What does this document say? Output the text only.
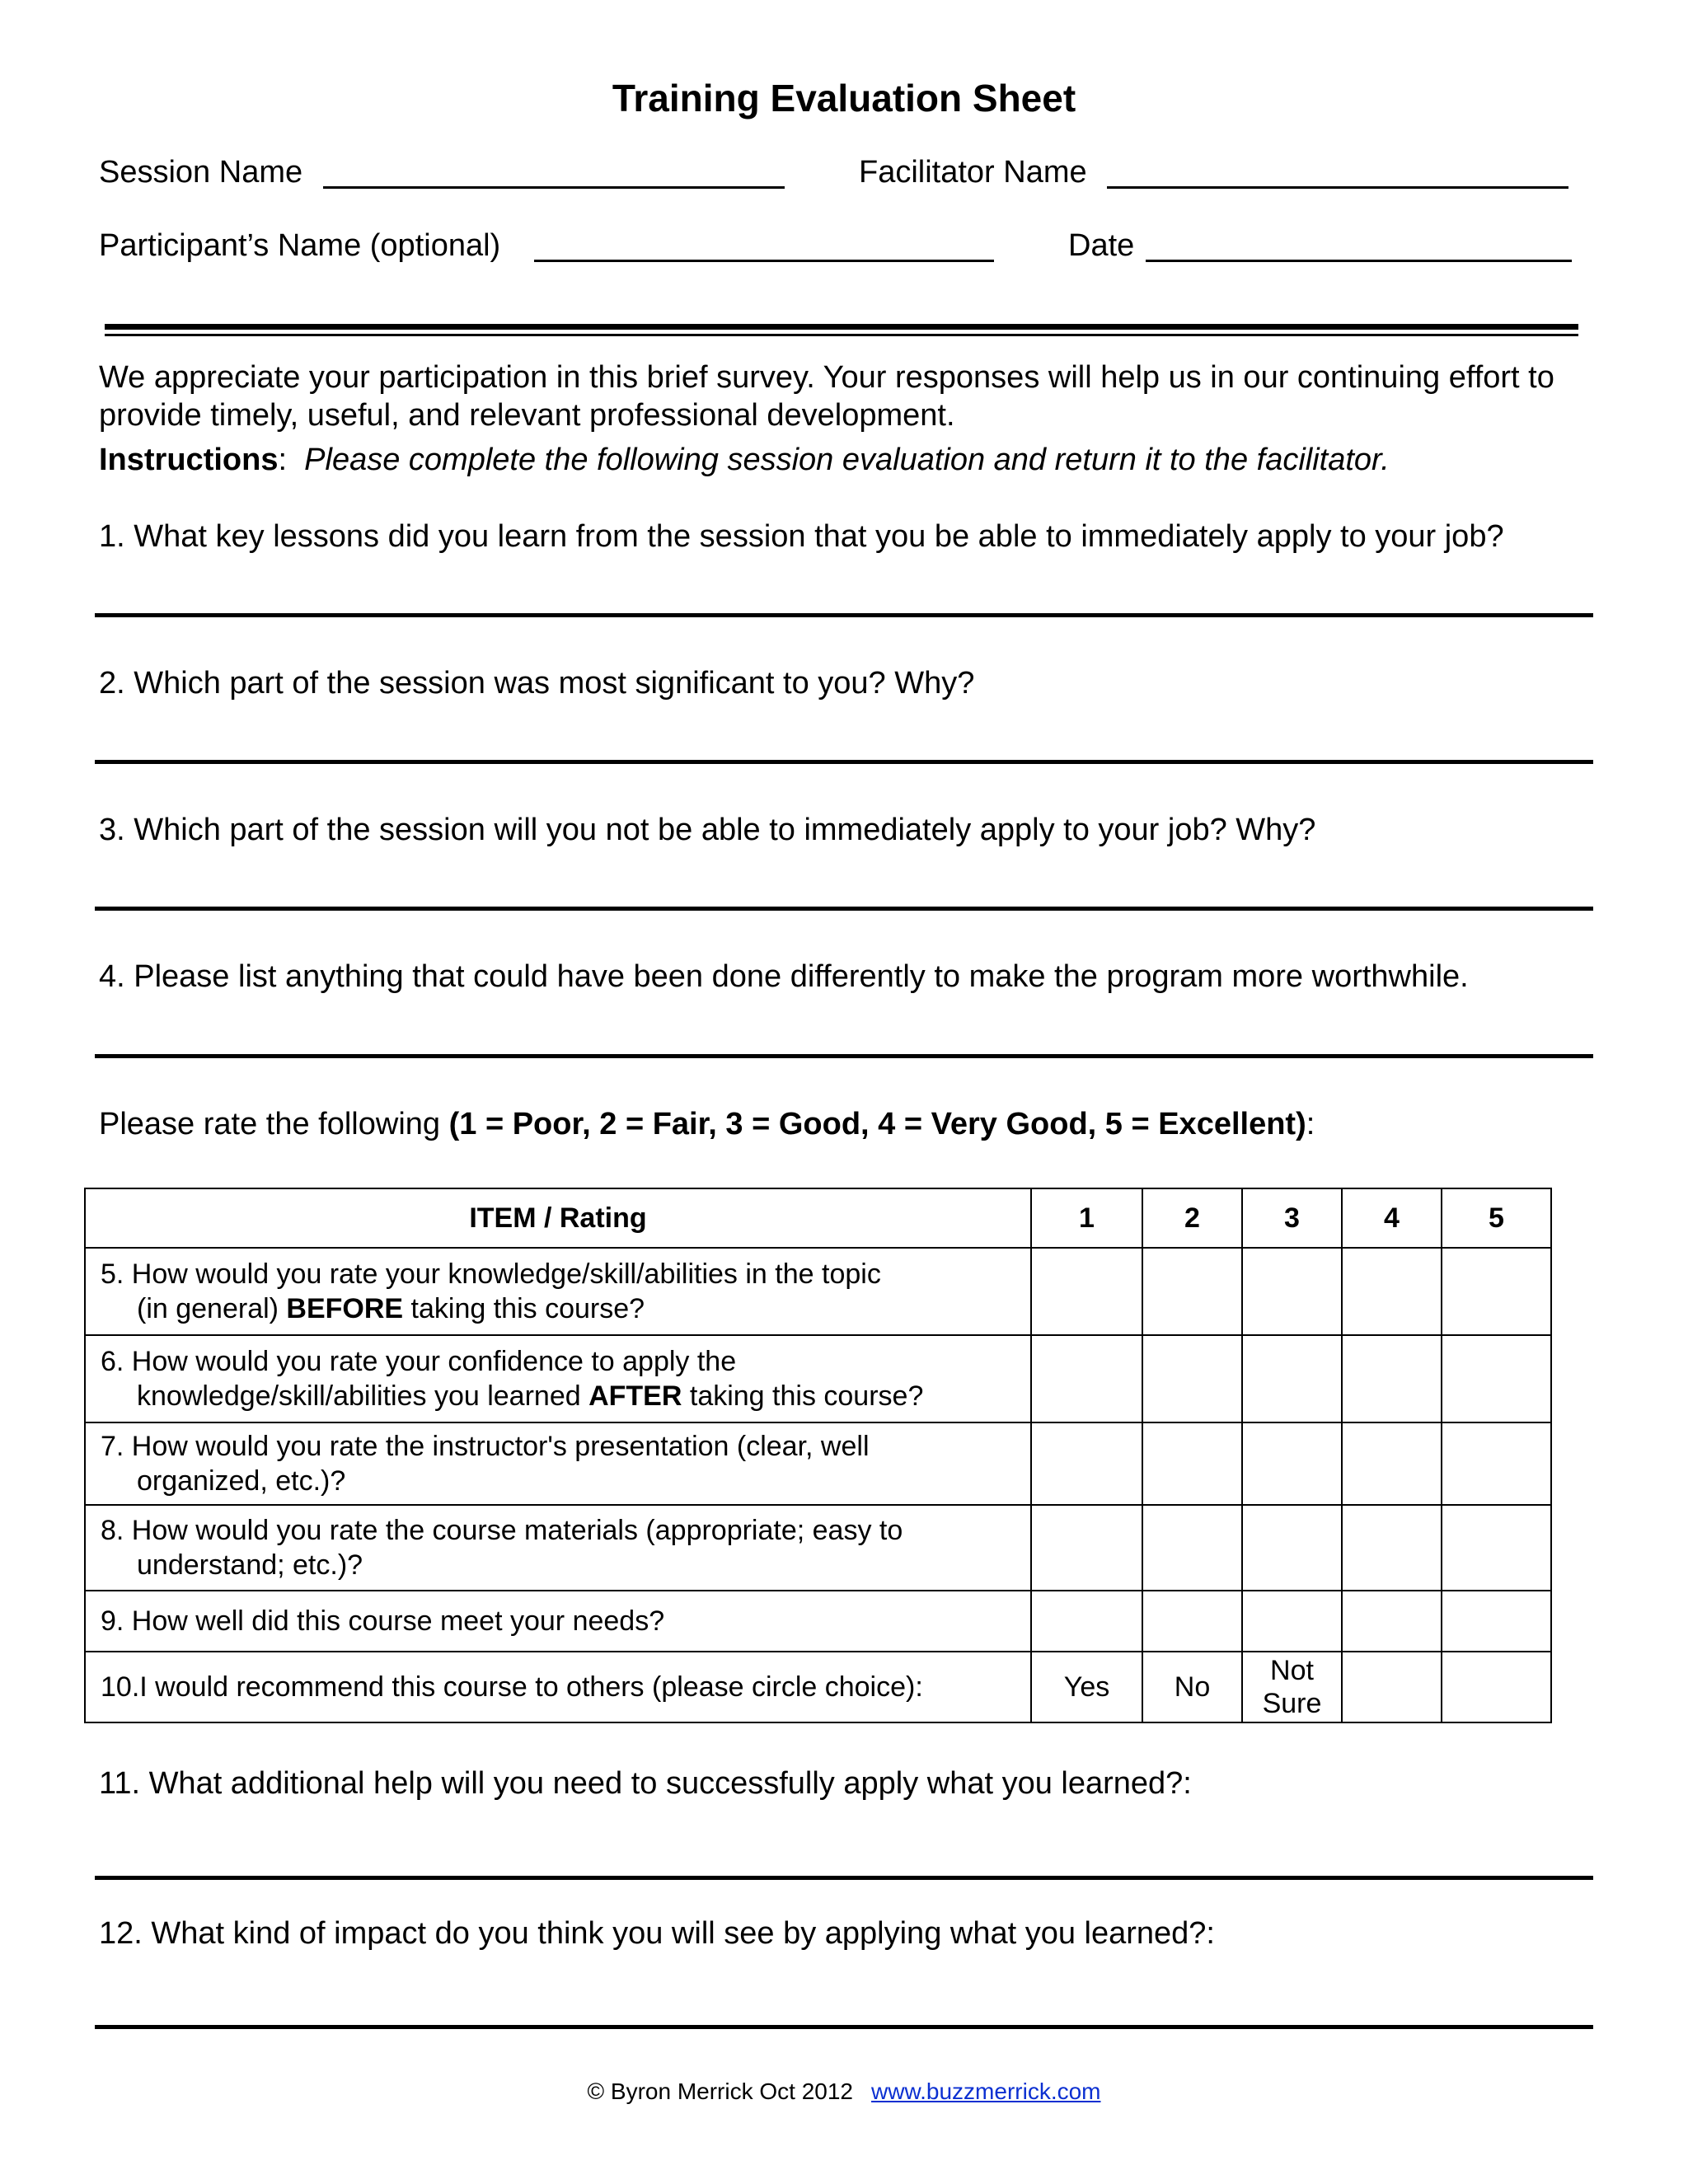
Training Evaluation Sheet
Session Name	Facilitator Name
Participant’s Name (optional)	Date
We appreciate your participation in this brief survey. Your responses will help us in our continuing effort to provide timely, useful, and relevant professional development.
Instructions:  Please complete the following session evaluation and return it to the facilitator.
1. What key lessons did you learn from the session that you be able to immediately apply to your job?
2. Which part of the session was most significant to you? Why?
3. Which part of the session will you not be able to immediately apply to your job? Why?
4. Please list anything that could have been done differently to make the program more worthwhile.
Please rate the following (1 = Poor, 2 = Fair, 3 = Good, 4 = Very Good, 5 = Excellent):
ITEM / Rating	1	2	3	4	5
5. How would you rate your knowledge/skill/abilities in the topic
(in general) BEFORE taking this course?					

6. How would you rate your confidence to apply the
knowledge/skill/abilities you learned AFTER taking this course?					

7. How would you rate the instructor's presentation (clear, well
organized, etc.)?					

8. How would you rate the course materials (appropriate; easy to
understand; etc.)?					

9. How well did this course meet your needs?					
10.I would recommend this course to others (please circle choice):	Yes	No	Not
Sure		
11. What additional help will you need to successfully apply what you learned?:
12. What kind of impact do you think you will see by applying what you learned?:
© Byron Merrick Oct 2012 www.buzzmerrick.com
